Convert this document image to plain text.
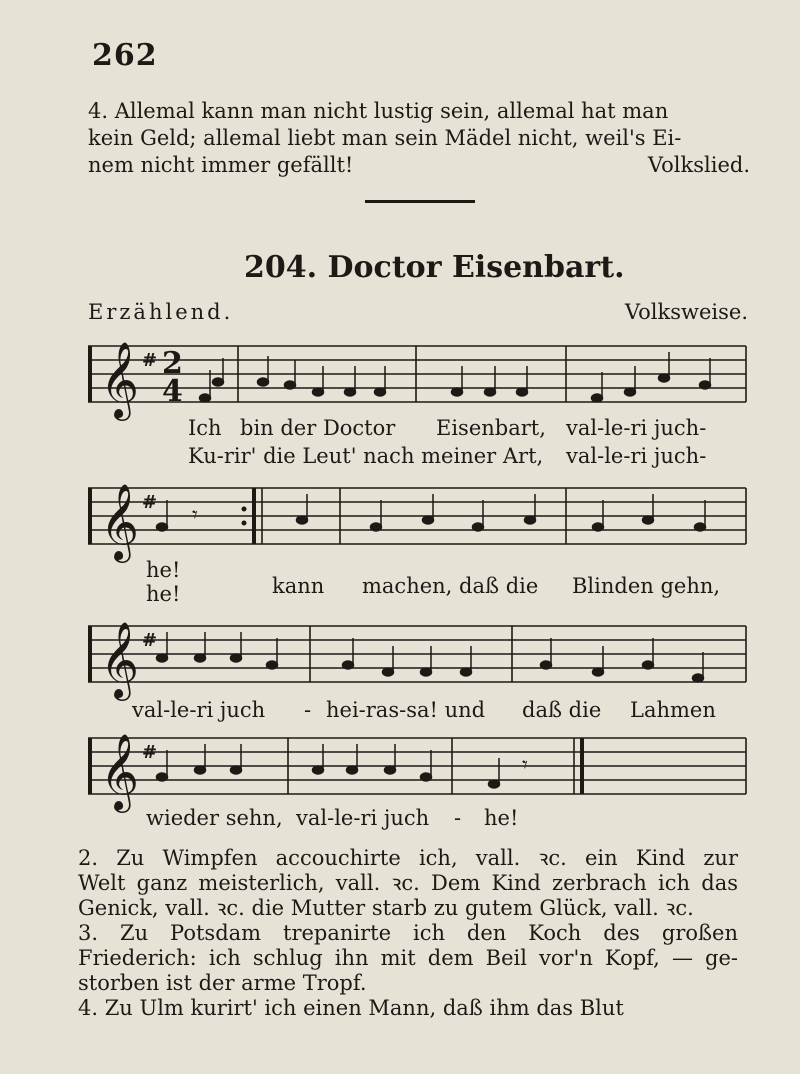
262
4. Allemal kann man nicht lustig sein, allemal hat man
kein Geld; allemal liebt man sein Mädel nicht, weil's Ei-
nem nicht immer gefällt!	Volkslied.
204. Doctor Eisenbart.
Erzählend.	Volksweise.
𝄞 # 2
4
Ich bin der Doctor Eisenbart, val-le-ri juch-
Ku-rir' die Leut' nach meiner Art, val-le-ri juch-
𝄞 #
𝄾
he!
he!	kann machen, daß die Blinden gehn,
𝄞 #
val-le-ri juch - hei-ras-sa! und daß die Lahmen
𝄞 #
𝄾
wieder sehn, val-le-ri juch - he!
2. Zu Wimpfen accouchirte ich, vall. ꝛc. ein Kind zur
Welt ganz meisterlich, vall. ꝛc. Dem Kind zerbrach ich das
Genick, vall. ꝛc. die Mutter starb zu gutem Glück, vall. ꝛc.
3. Zu Potsdam trepanirte ich den Koch des großen
Friederich: ich schlug ihn mit dem Beil vor'n Kopf, — ge-
storben ist der arme Tropf.
4. Zu Ulm kurirt' ich einen Mann, daß ihm das Blut
